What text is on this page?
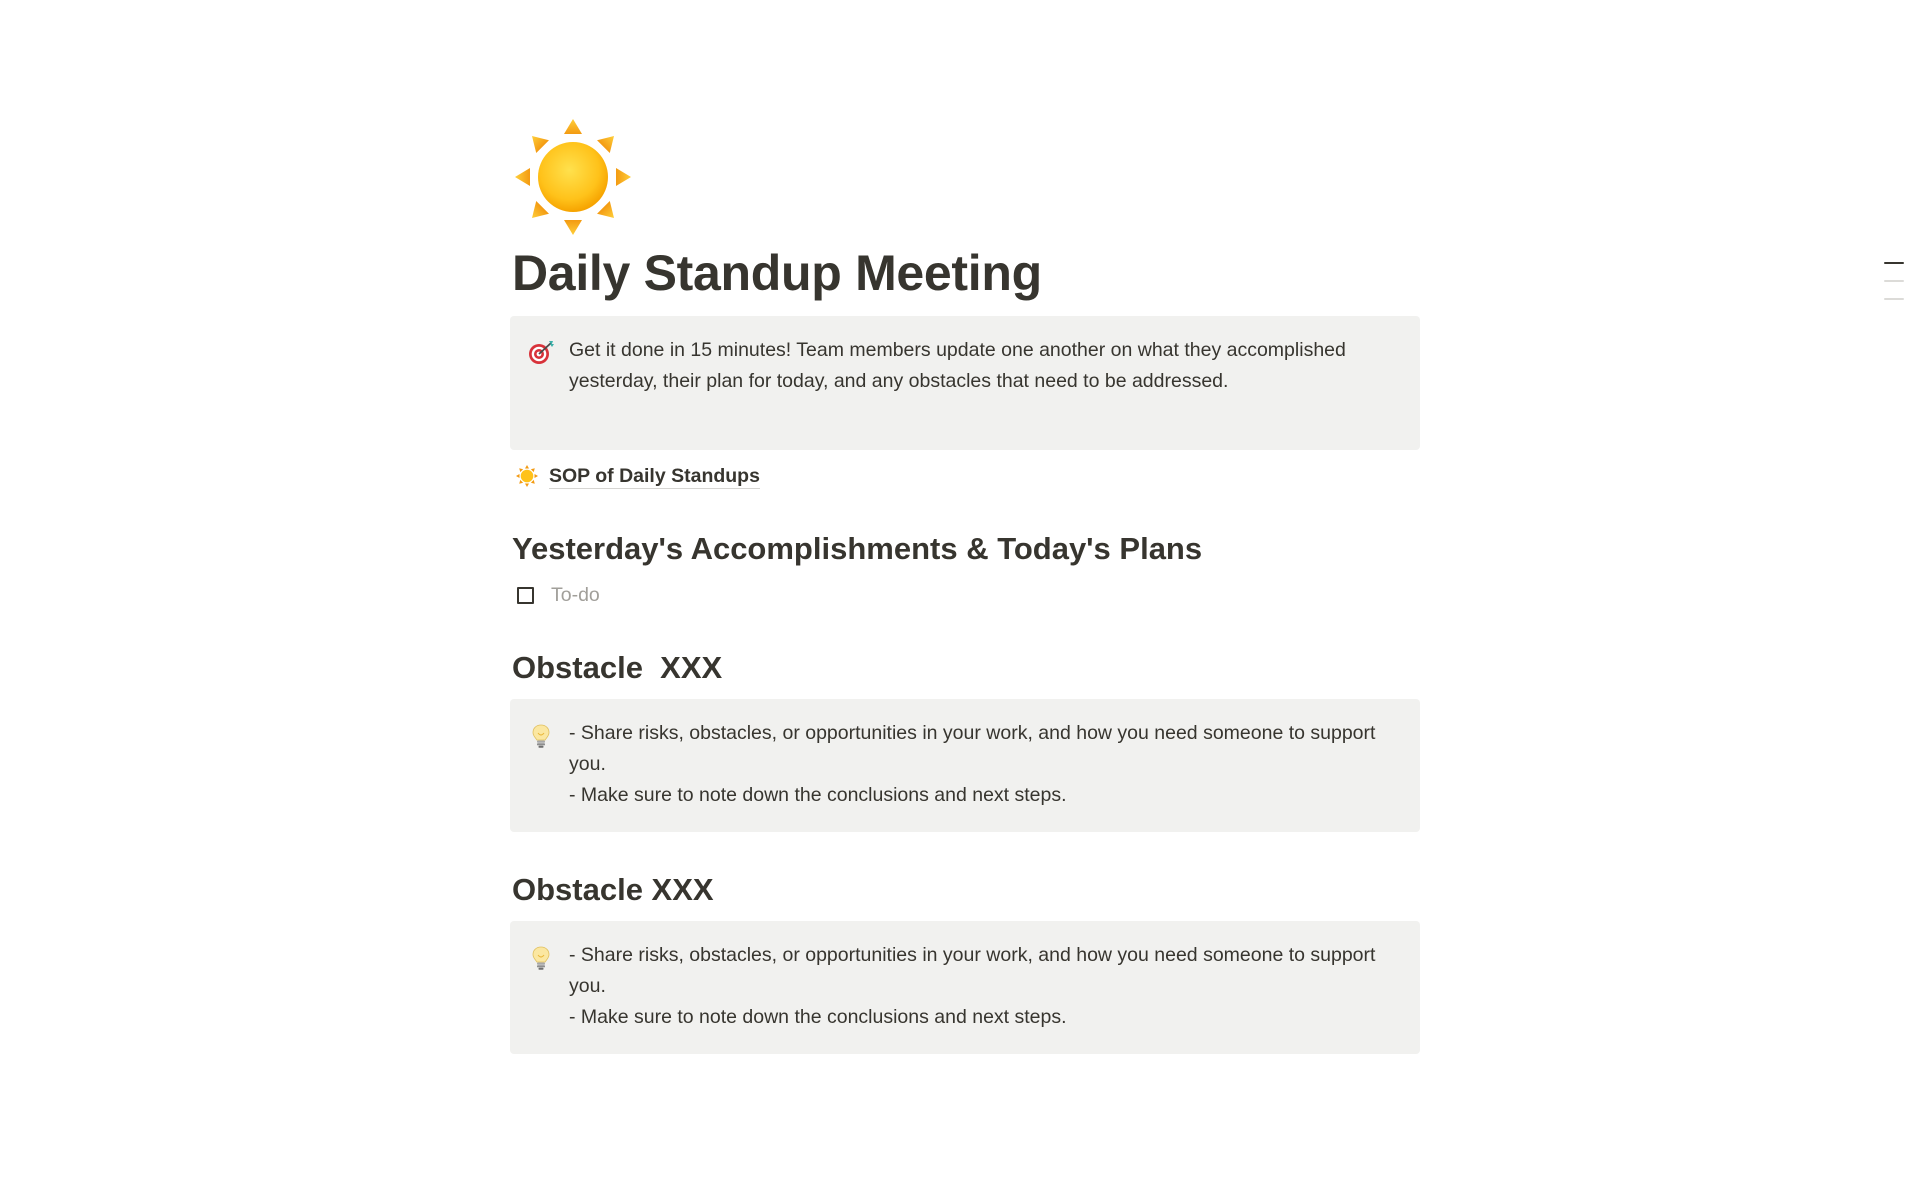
Daily Standup Meeting
Get it done in 15 minutes! Team members update one another on what they accomplished yesterday, their plan for today, and any obstacles that need to be addressed.
SOP of Daily Standups
Yesterday's Accomplishments & Today's Plans
To-do
Obstacle  XXX

- Share risks, obstacles, or opportunities in your work, and how you need someone to support you.

- Make sure to note down the conclusions and next steps.

Obstacle XXX

- Share risks, obstacles, or opportunities in your work, and how you need someone to support you.

- Make sure to note down the conclusions and next steps.
